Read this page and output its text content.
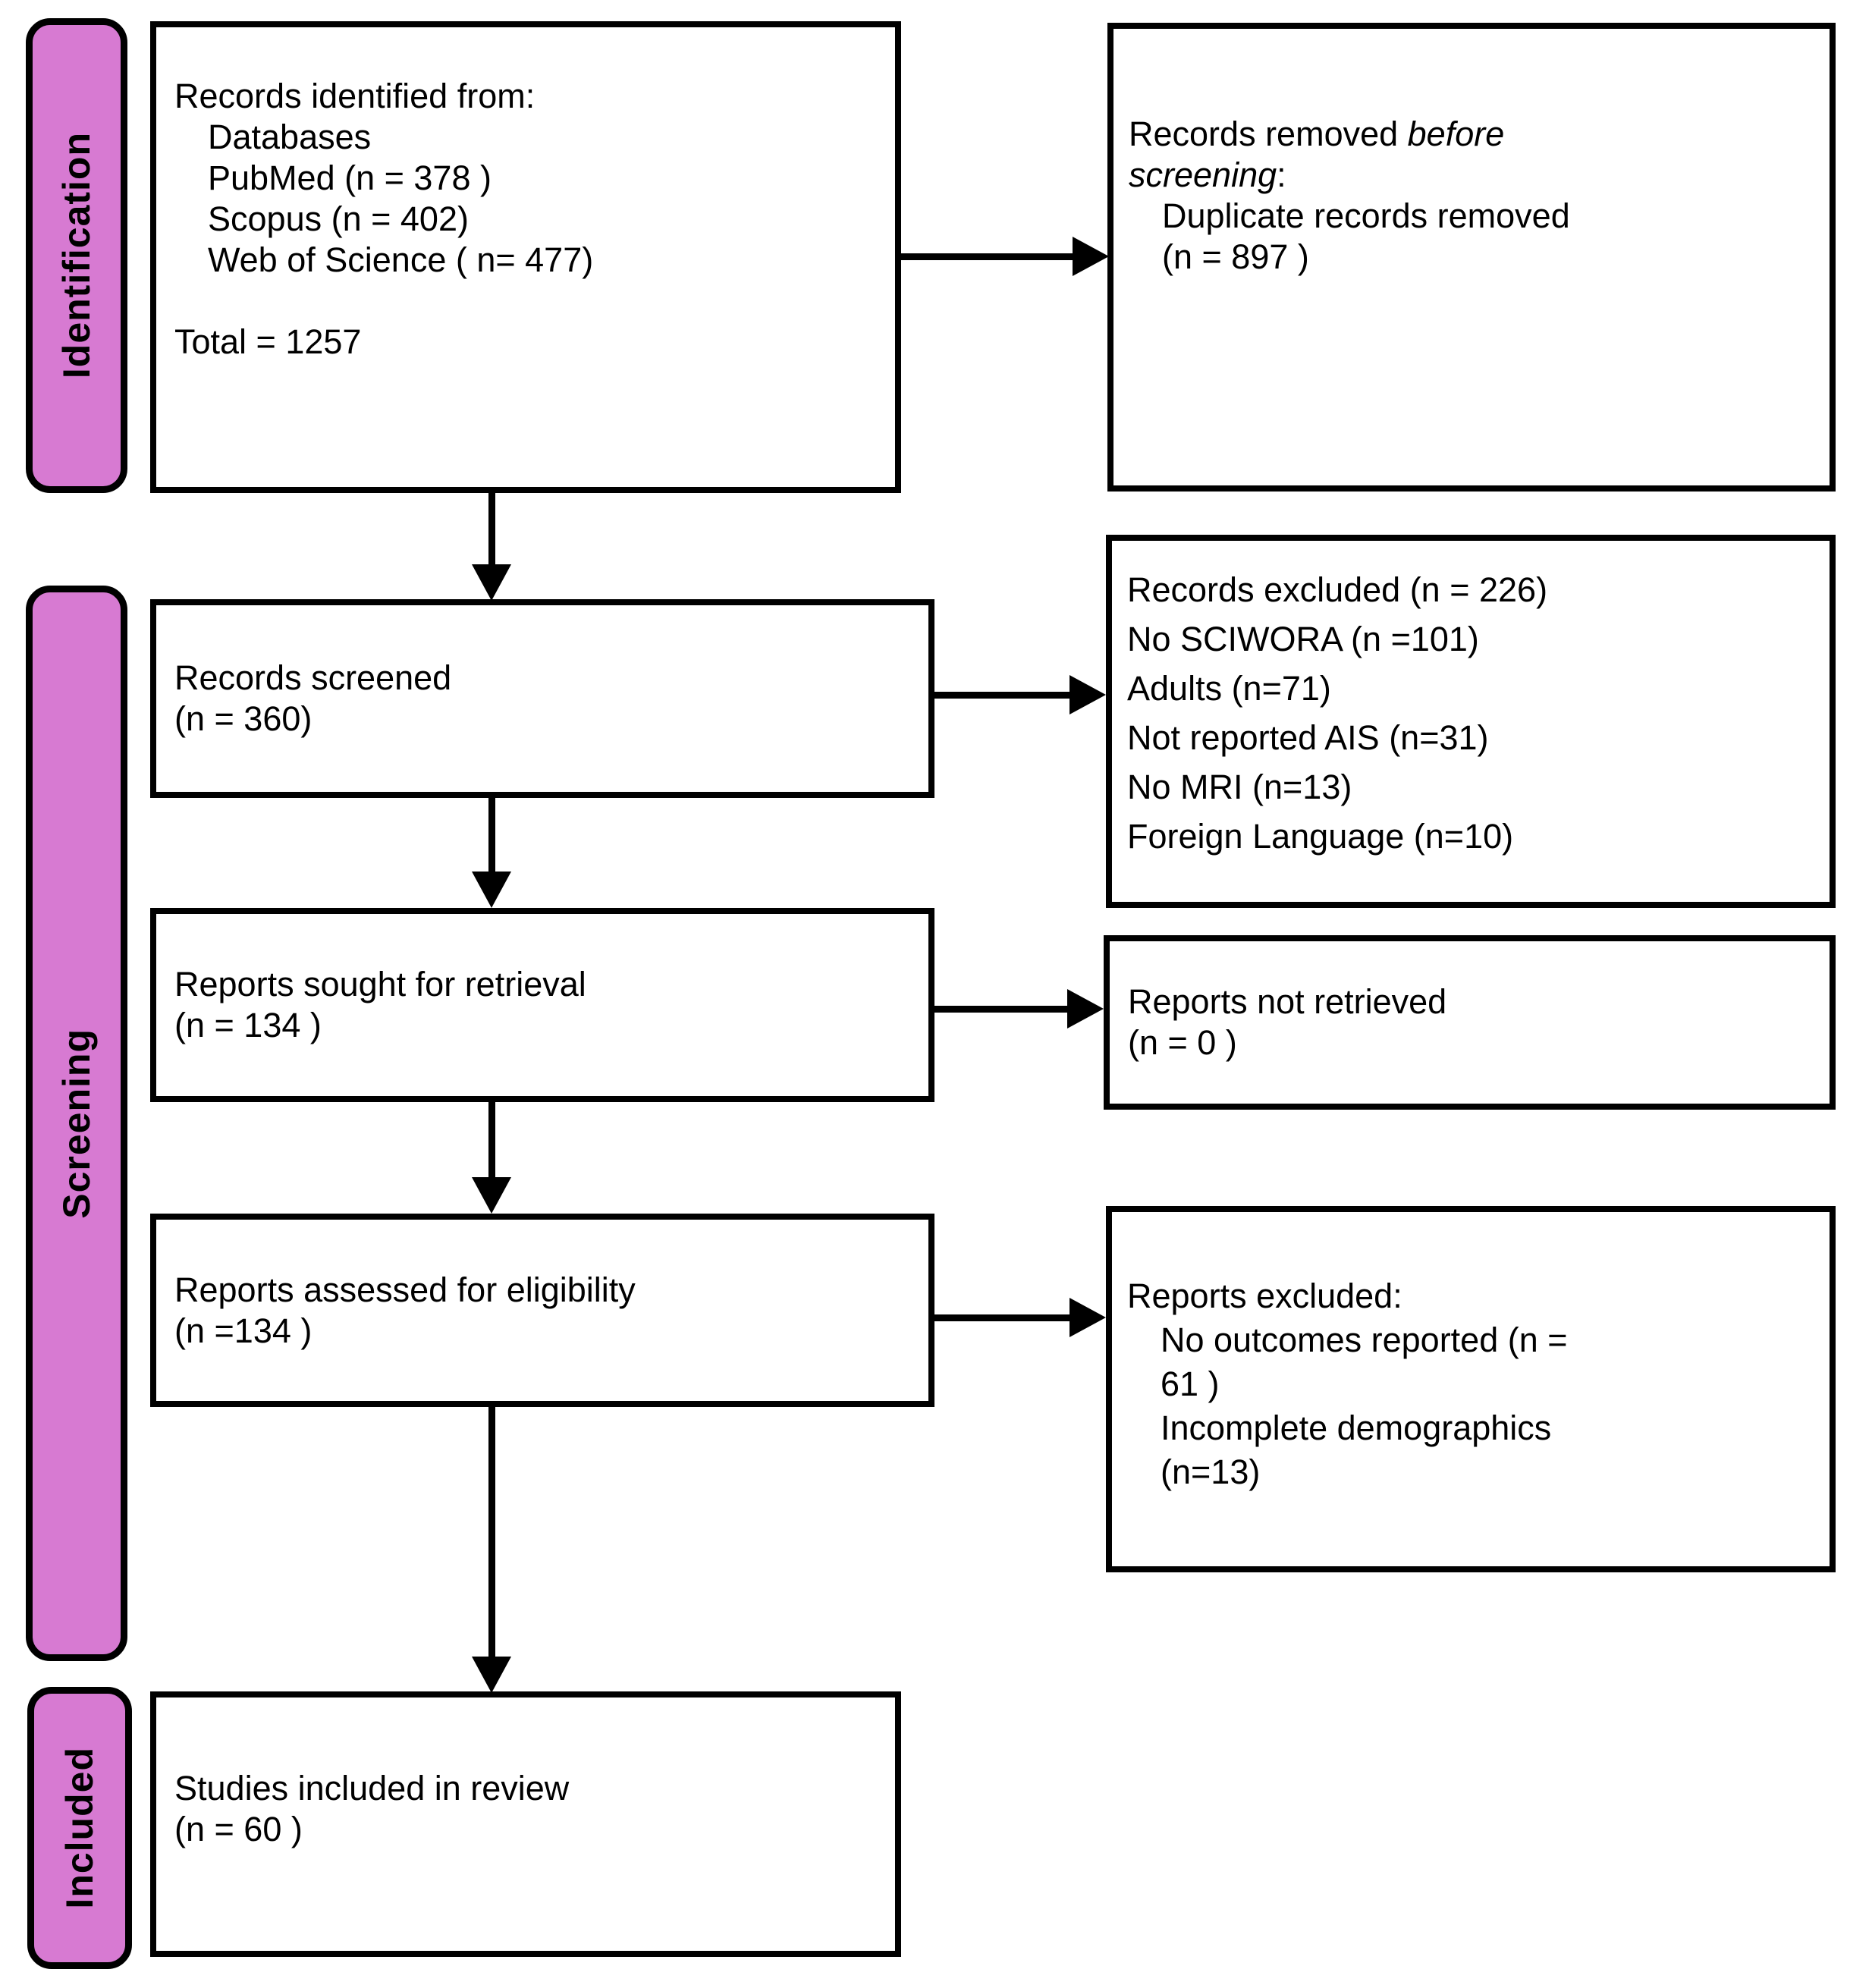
Identification
Screening
Included
Records identified from:
Databases
PubMed (n = 378 )
Scopus (n = 402)
Web of Science ( n= 477)
Total = 1257
Records screened
(n = 360)
Reports sought for retrieval
(n = 134 )
Reports assessed for eligibility
(n =134 )
Studies included in review
(n = 60 )
Records removed before
screening:
Duplicate records removed
(n = 897 )
Records excluded (n = 226)
No SCIWORA (n =101)
Adults (n=71)
Not reported AIS (n=31)
No MRI (n=13)
Foreign Language (n=10)
Reports not retrieved
(n = 0 )
Reports excluded:
No outcomes reported (n =
61 )
Incomplete demographics
(n=13)
